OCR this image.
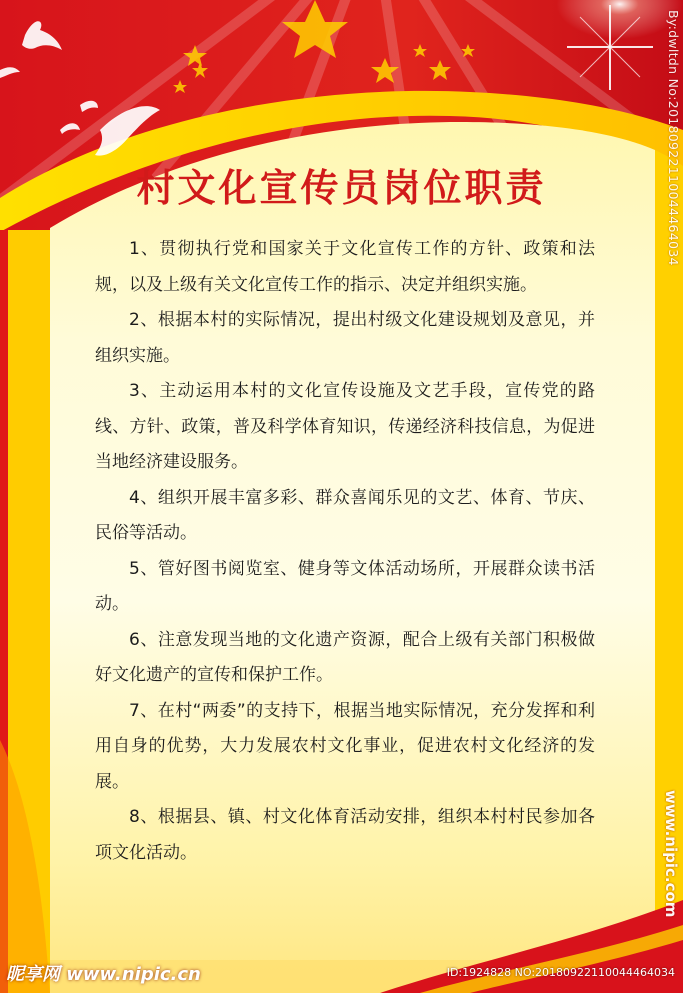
村文化宣传员岗位职责

1、贯彻执行党和国家关于文化宣传工作的方针、政策和法规，以及上级有关文化宣传工作的指示、决定并组织实施。

2、根据本村的实际情况，提出村级文化建设规划及意见，并组织实施。

3、主动运用本村的文化宣传设施及文艺手段，宣传党的路线、方针、政策，普及科学体育知识，传递经济科技信息，为促进当地经济建设服务。

4、组织开展丰富多彩、群众喜闻乐见的文艺、体育、节庆、民俗等活动。

5、管好图书阅览室、健身等文体活动场所，开展群众读书活动。

6、注意发现当地的文化遗产资源，配合上级有关部门积极做好文化遗产的宣传和保护工作。

7、在村“两委”的支持下，根据当地实际情况，充分发挥和利用自身的优势，大力发展农村文化事业，促进农村文化经济的发展。

8、根据县、镇、村文化体育活动安排，组织本村村民参加各项文化活动。

By:dwltdn No:20180922110044464034
www.nipic.com
昵享网 www.nipic.cn	ID:1924828 NO:20180922110044464034
